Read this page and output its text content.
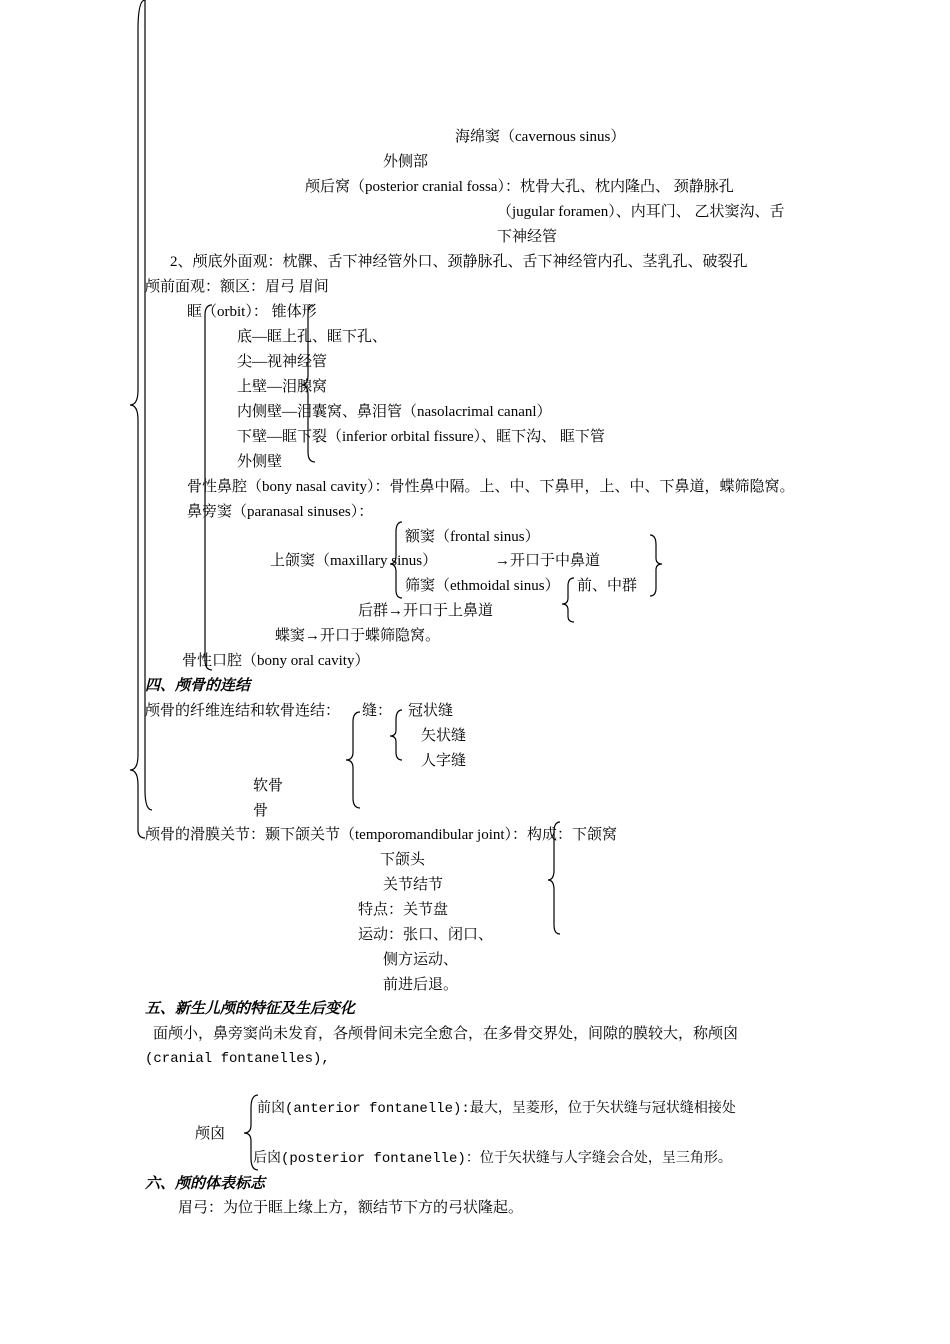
海绵窦（cavernous sinus）
外侧部
颅后窝（posterior cranial fossa）：枕骨大孔、枕内隆凸、 颈静脉孔
（jugular foramen）、内耳门、 乙状窦沟、舌
下神经管
2、颅底外面观：枕髁、舌下神经管外口、颈静脉孔、舌下神经管内孔、茎乳孔、破裂孔
颅前面观：额区：眉弓 眉间
眶（orbit）： 锥体形
底—眶上孔、眶下孔、
尖—视神经管
上壁—泪腺窝
内侧壁—泪囊窝、鼻泪管（nasolacrimal cananl）
下壁—眶下裂（inferior orbital fissure）、眶下沟、 眶下管
外侧壁
骨性鼻腔（bony nasal cavity）：骨性鼻中隔。上、中、下鼻甲，上、中、下鼻道，蝶筛隐窝。
鼻旁窦（paranasal sinuses）：
额窦（frontal sinus）
上颌窦（maxillary sinus）	→开口于中鼻道
筛窦（ethmoidal sinus） 前、中群
后群→开口于上鼻道
蝶窦→开口于蝶筛隐窝。
骨性口腔（bony oral cavity）
四、颅骨的连结
颅骨的纤维连结和软骨连结： 缝： 冠状缝
矢状缝
人字缝
软骨
骨
颅骨的滑膜关节：颞下颌关节（temporomandibular joint）：构成：下颌窝
下颌头
关节结节
特点：关节盘
运动：张口、闭口、
侧方运动、
前进后退。
五、新生儿颅的特征及生后变化
面颅小，鼻旁窦尚未发育，各颅骨间未完全愈合，在多骨交界处，间隙的膜较大，称颅囟
(cranial fontanelles),
颅囟
前囟(anterior fontanelle):最大，呈菱形，位于矢状缝与冠状缝相接处
后囟(posterior fontanelle)：位于矢状缝与人字缝会合处，呈三角形。
六、颅的体表标志
眉弓：为位于眶上缘上方，额结节下方的弓状隆起。
